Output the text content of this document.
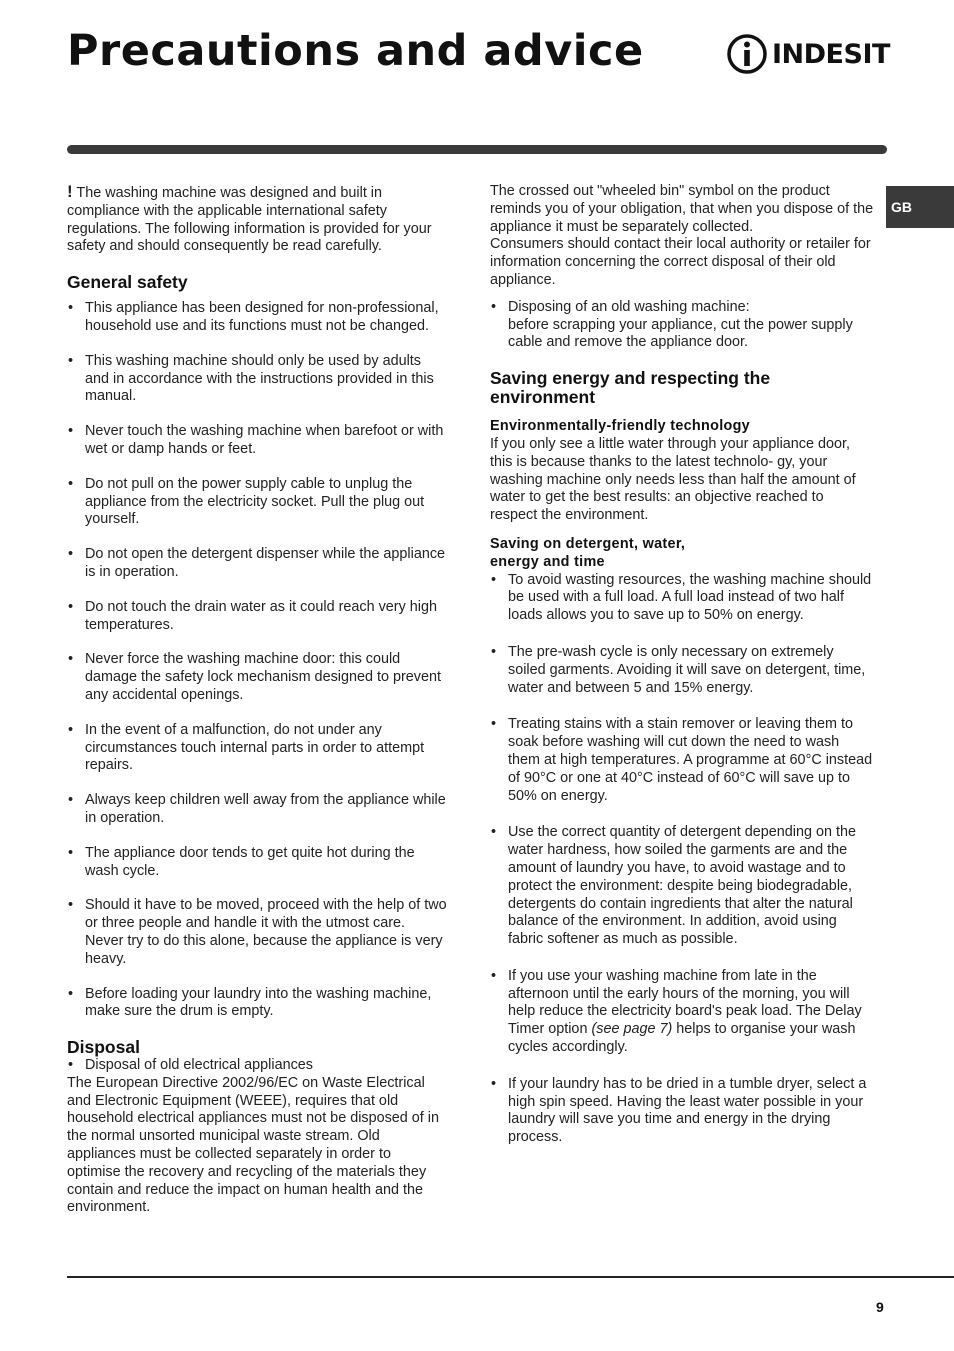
Precautions and advice	INDESIT
GB

! The washing machine was designed and built in compliance with the applicable international safety regulations. The following information is provided for your safety and should consequently be read carefully.

General safety
• This appliance has been designed for non-professional, household use and its functions must not be changed.
• This washing machine should only be used by adults and in accordance with the instructions provided in this manual.
• Never touch the washing machine when barefoot or with wet or damp hands or feet.
• Do not pull on the power supply cable to unplug the appliance from the electricity socket. Pull the plug out yourself.
• Do not open the detergent dispenser while the appliance is in operation.
• Do not touch the drain water as it could reach very high temperatures.
• Never force the washing machine door: this could damage the safety lock mechanism designed to prevent any accidental openings.
• In the event of a malfunction, do not under any circumstances touch internal parts in order to attempt repairs.
• Always keep children well away from the appliance while in operation.
• The appliance door tends to get quite hot during the wash cycle.
• Should it have to be moved, proceed with the help of two or three people and handle it with the utmost care. Never try to do this alone, because the appliance is very heavy.
• Before loading your laundry into the washing machine, make sure the drum is empty.
Disposal
• Disposal of old electrical appliances

The European Directive 2002/96/EC on Waste Electrical and Electronic Equipment (WEEE), requires that old household electrical appliances must not be disposed of in the normal unsorted municipal waste stream. Old appliances must be collected separately in order to optimise the recovery and recycling of the materials they contain and reduce the impact on human health and the environment.

The crossed out "wheeled bin" symbol on the product reminds you of your obligation, that when you dispose of the appliance it must be separately collected.

Consumers should contact their local authority or retailer for information concerning the correct disposal of their old appliance.

• Disposing of an old washing machine:
before scrapping your appliance, cut the power supply cable and remove the appliance door.
Saving energy and respecting the environment
Environmentally-friendly technology

If you only see a little water through your appliance door, this is because thanks to the latest technolo- gy, your washing machine only needs less than half the amount of water to get the best results: an objective reached to respect the environment.

Saving on detergent, water,
energy and time
• To avoid wasting resources, the washing machine should be used with a full load. A full load instead of two half loads allows you to save up to 50% on energy.
• The pre-wash cycle is only necessary on extremely soiled garments. Avoiding it will save on detergent, time, water and between 5 and 15% energy.
• Treating stains with a stain remover or leaving them to soak before washing will cut down the need to wash them at high temperatures. A programme at 60°C instead of 90°C or one at 40°C instead of 60°C will save up to 50% on energy.
• Use the correct quantity of detergent depending on the water hardness, how soiled the garments are and the amount of laundry you have, to avoid wastage and to protect the environment: despite being biodegradable, detergents do contain ingredients that alter the natural balance of the environment. In addition, avoid using fabric softener as much as possible.
• If you use your washing machine from late in the afternoon until the early hours of the morning, you will help reduce the electricity board's peak load. The Delay Timer option (see page 7) helps to organise your wash cycles accordingly.
• If your laundry has to be dried in a tumble dryer, select a high spin speed. Having the least water possible in your laundry will save you time and energy in the drying process.
9
